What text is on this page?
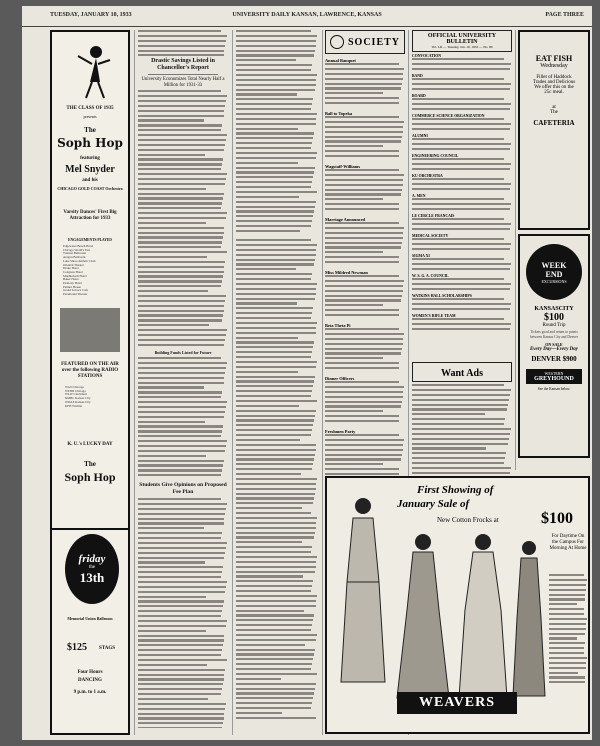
TUESDAY, JANUARY 10, 1933	UNIVERSITY DAILY KANSAN, LAWRENCE, KANSAS	PAGE THREE
THE CLASS OF 1935
presents
The
Soph Hop
featuring
Mel Snyder
and his
CHICAGO GOLD COAST Orchestra
Varsity Dances' First Big Attraction for 1933
ENGAGEMENTS PLAYED
Edgewater Beach Hotel
Chicago World's Fair
Trianon Ballroom
Aragon Ballroom
Lake Shore Athletic Club
Oriental Theater
Drake Hotel
Congress Hotel
Muehlebach Hotel
Baker Hotel
Peabody Hotel
Palmer House
Grand Terrace Cafe
Paramount Theater
FEATURED ON THE AIR over the following RADIO STATIONS
WGN Chicago
WENR Chicago
WLW Cincinnati
KMBC Kansas City
WDAF Kansas City
KFH Wichita
K. U.'s LUCKY DAY
The
Soph Hop
friday
the
13th
Memorial Union Ballroom
$125	STAGS
Four Hours
DANCING
9 p.m. to 1 a.m.
Drastic Savings Listed in Chancellor's Report
University Economizes Total Nearly Half a Million for 1931-33
Building Funds Listed for Future
Students Give Opinions on Proposed Fee Plan
SOCIETY
Annual Banquet
Ball to Topeka
Wagstaff-Williams
Marriage Announced
Miss Mildred Newman
Beta Theta Pi
Dinner Officers
Freshmen Party
OFFICIAL UNIVERSITY BULLETIN
Vol. LII — Tuesday, Jan. 10, 1933 — No. 80
CONVOCATION
BAND
BOARD
COMMERCE SCIENCE ORGANIZATION
ALUMNI
ENGINEERING COUNCIL
KU ORCHESTRA
A. MEN
LE CERCLE FRANCAIS
MEDICAL SOCIETY
SIGMA XI
W. S. G. A. COUNCIL
WATKINS HALL SCHOLARSHIPS
WOMEN'S RIFLE TEAM
Want Ads
EAT FISH
Wednesday
Fillet of Haddock
Trades and Delicious
We offer this on the
25c meal.
at
The
CAFETERIA
WEEK
END
EXCURSIONS
KANSASCITY
$100
Round Trip
Tickets good and return to points between Kansas City and Denver
ON SALE
Every Day—Every Day
DENVER $900
WESTERN
GREYHOUND
See the Kansan below.
First Showing of
January Sale of
New Cotton Frocks at	$100
For Daytime On the Campus For Morning At Home
WEAVERS
